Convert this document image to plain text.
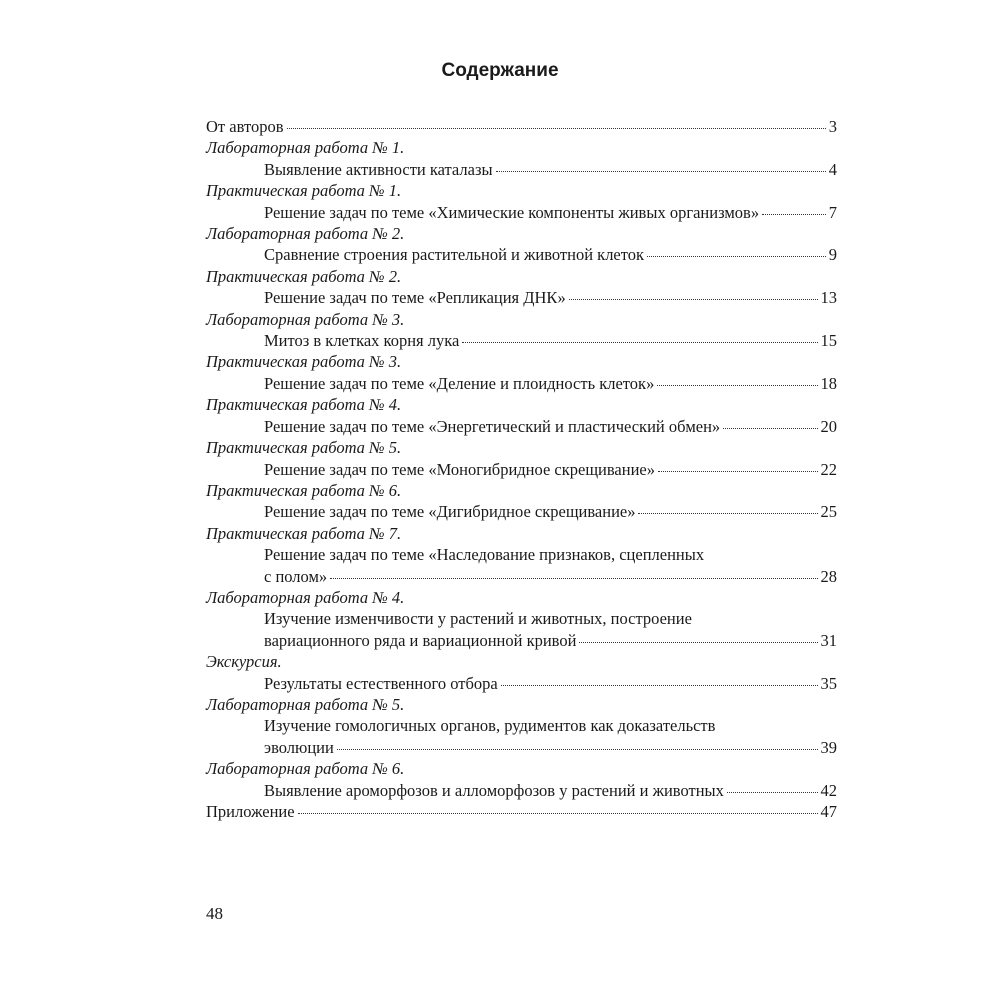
Содержание
От авторов	3
Лабораторная работа № 1.
Выявление активности каталазы	4
Практическая работа № 1.
Решение задач по теме «Химические компоненты живых организмов»	7
Лабораторная работа № 2.
Сравнение строения растительной и животной клеток	9
Практическая работа № 2.
Решение задач по теме «Репликация ДНК»	13
Лабораторная работа № 3.
Митоз в клетках корня лука	15
Практическая работа № 3.
Решение задач по теме «Деление и плоидность клеток»	18
Практическая работа № 4.
Решение задач по теме «Энергетический и пластический обмен»	20
Практическая работа № 5.
Решение задач по теме «Моногибридное скрещивание»	22
Практическая работа № 6.
Решение задач по теме «Дигибридное скрещивание»	25
Практическая работа № 7.
Решение задач по теме «Наследование признаков, сцепленных
с полом»	28
Лабораторная работа № 4.
Изучение изменчивости у растений и животных, построение
вариационного ряда и вариационной кривой	31
Экскурсия.
Результаты естественного отбора	35
Лабораторная работа № 5.
Изучение гомологичных органов, рудиментов как доказательств
эволюции	39
Лабораторная работа № 6.
Выявление ароморфозов и алломорфозов у растений и животных	42
Приложение	47
48
